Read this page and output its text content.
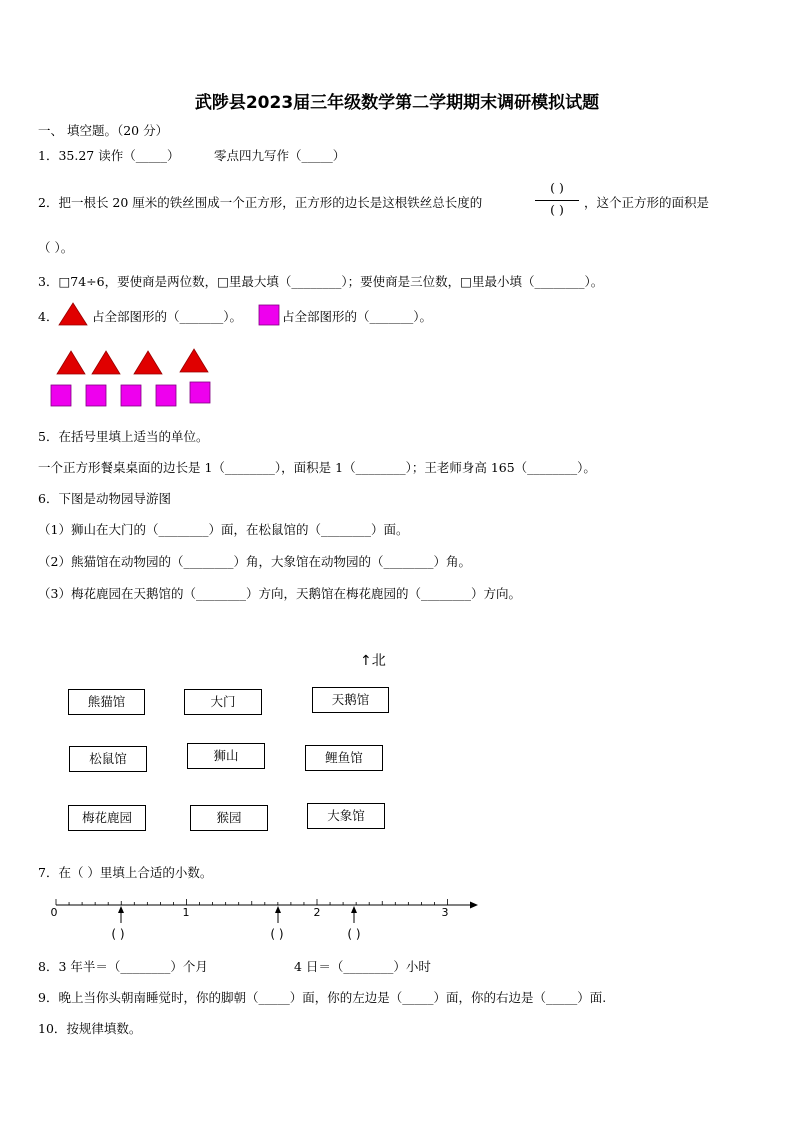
武陟县2023届三年级数学第二学期期末调研模拟试题
一、 填空题。（20 分）
1．35.27 读作（_____）	零点四九写作（_____）
2．把一根长 20 厘米的铁丝围成一个正方形，正方形的边长是这根铁丝总长度的
( )
( )	，这个正方形的面积是
（ ）。
3．□74÷6，要使商是两位数，□里最大填（________）；要使商是三位数，□里最小填（________）。
4．	占全部图形的（_______）。	占全部图形的（_______）。
5．在括号里填上适当的单位。
一个正方形餐桌桌面的边长是 1（________），面积是 1（________）；王老师身高 165（________）。
6．下图是动物园导游图
（1）狮山在大门的（________）面，在松鼠馆的（________）面。
（2）熊猫馆在动物园的（________）角，大象馆在动物园的（________）角。
（3）梅花鹿园在天鹅馆的（________）方向，天鹅馆在梅花鹿园的（________）方向。
↑北
熊猫馆	大门	天鹅馆
松鼠馆	狮山	鲤鱼馆
梅花鹿园	猴园	大象馆
7．在（ ）里填上合适的小数。
0	1	2	3
( )	( )	( )
8．3 年半＝（________）个月	4 日＝（________）小时
9．晚上当你头朝南睡觉时，你的脚朝（_____）面，你的左边是（_____）面，你的右边是（_____）面.
10．按规律填数。
